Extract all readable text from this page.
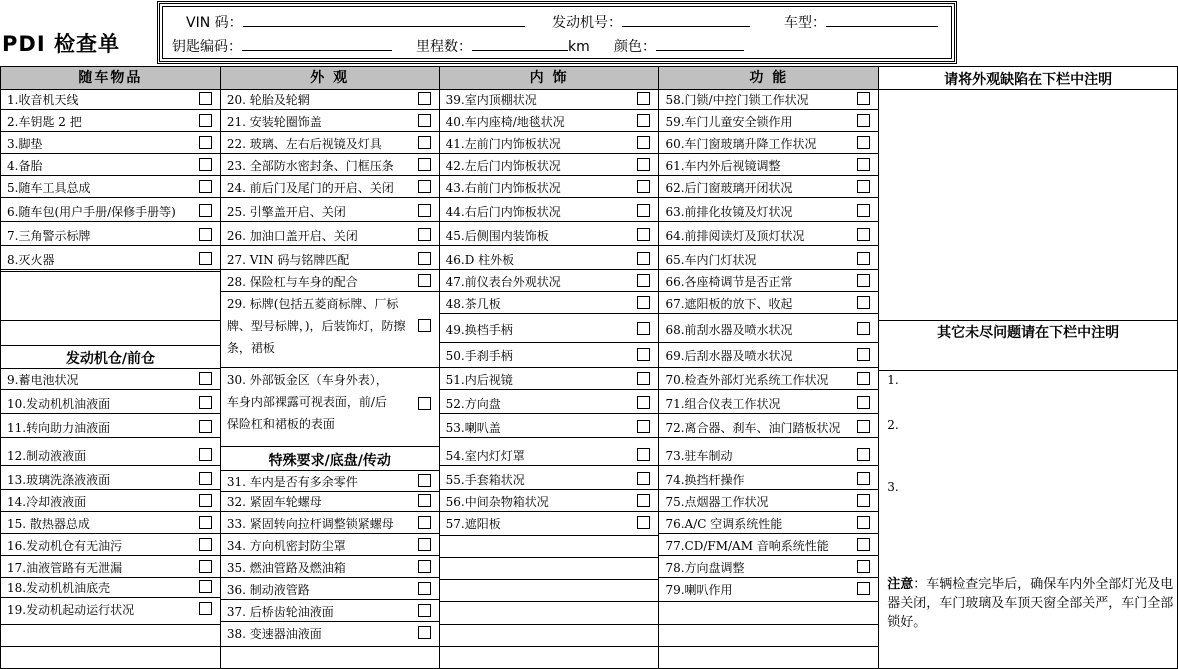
PDI 检查单
VIN 码：	发动机号：	车型：
钥匙编码：	里程数：	km 颜色：
随车物品
发动机仓/前仓
1.收音机天线
2.车钥匙 2 把
3.脚垫
4.备胎
5.随车工具总成
6.随车包(用户手册/保修手册等)
7.三角警示标牌
8.灭火器
9.蓄电池状况
10.发动机机油液面
11.转向助力油液面
12.制动液液面
13.玻璃洗涤液液面
14.冷却液液面
15. 散热器总成
16.发动机仓有无油污
17.油液管路有无泄漏
18.发动机机油底壳
19.发动机起动运行状况

外 观
特殊要求/底盘/传动
20. 轮胎及轮辋
21. 安装轮圈饰盖
22. 玻璃、左右后视镜及灯具
23. 全部防水密封条、门框压条
24. 前后门及尾门的开启、关闭
25. 引擎盖开启、关闭
26. 加油口盖开启、关闭
27. VIN 码与铭牌匹配
28. 保险杠与车身的配合
29. 标牌(包括五菱商标牌、厂标牌、型号标牌，)，后装饰灯，防擦条，裙板
30. 外部钣金区（车身外表），车身内部裸露可视表面，前/后保险杠和裙板的表面
31. 车内是否有多余零件
32. 紧固车轮螺母
33. 紧固转向拉杆调整锁紧螺母
34. 方向机密封防尘罩
35. 燃油管路及燃油箱
36. 制动液管路
37. 后桥齿轮油液面
38. 变速器油液面

内 饰
39.室内顶棚状况
40.车内座椅/地毯状况
41.左前门内饰板状况
42.左后门内饰板状况
43.右前门内饰板状况
44.右后门内饰板状况
45.后侧围内装饰板
46.D 柱外板
47.前仪表台外观状况
48.茶几板
49.换档手柄
50.手刹手柄
51.内后视镜
52.方向盘
53.喇叭盖
54.室内灯灯罩
55.手套箱状况
56.中间杂物箱状况
57.遮阳板

功 能
58.门锁/中控门锁工作状况
59.车门儿童安全锁作用
60.车门窗玻璃升降工作状况
61.车内外后视镜调整
62.后门窗玻璃开闭状况
63.前排化妆镜及灯状况
64.前排阅读灯及顶灯状况
65.车内门灯状况
66.各座椅调节是否正常
67.遮阳板的放下、收起
68.前刮水器及喷水状况
69.后刮水器及喷水状况
70.检查外部灯光系统工作状况
71.组合仪表工作状况
72.离合器、刹车、油门踏板状况
73.驻车制动
74.换挡杆操作
75.点烟器工作状况
76.A/C 空调系统性能
77.CD/FM/AM 音响系统性能
78.方向盘调整
79.喇叭作用

请将外观缺陷在下栏中注明
其它未尽问题请在下栏中注明
1.
2.
3.
注意：车辆检查完毕后，确保车内外全部灯光及电器关闭，车门玻璃及车顶天窗全部关严，车门全部锁好。
